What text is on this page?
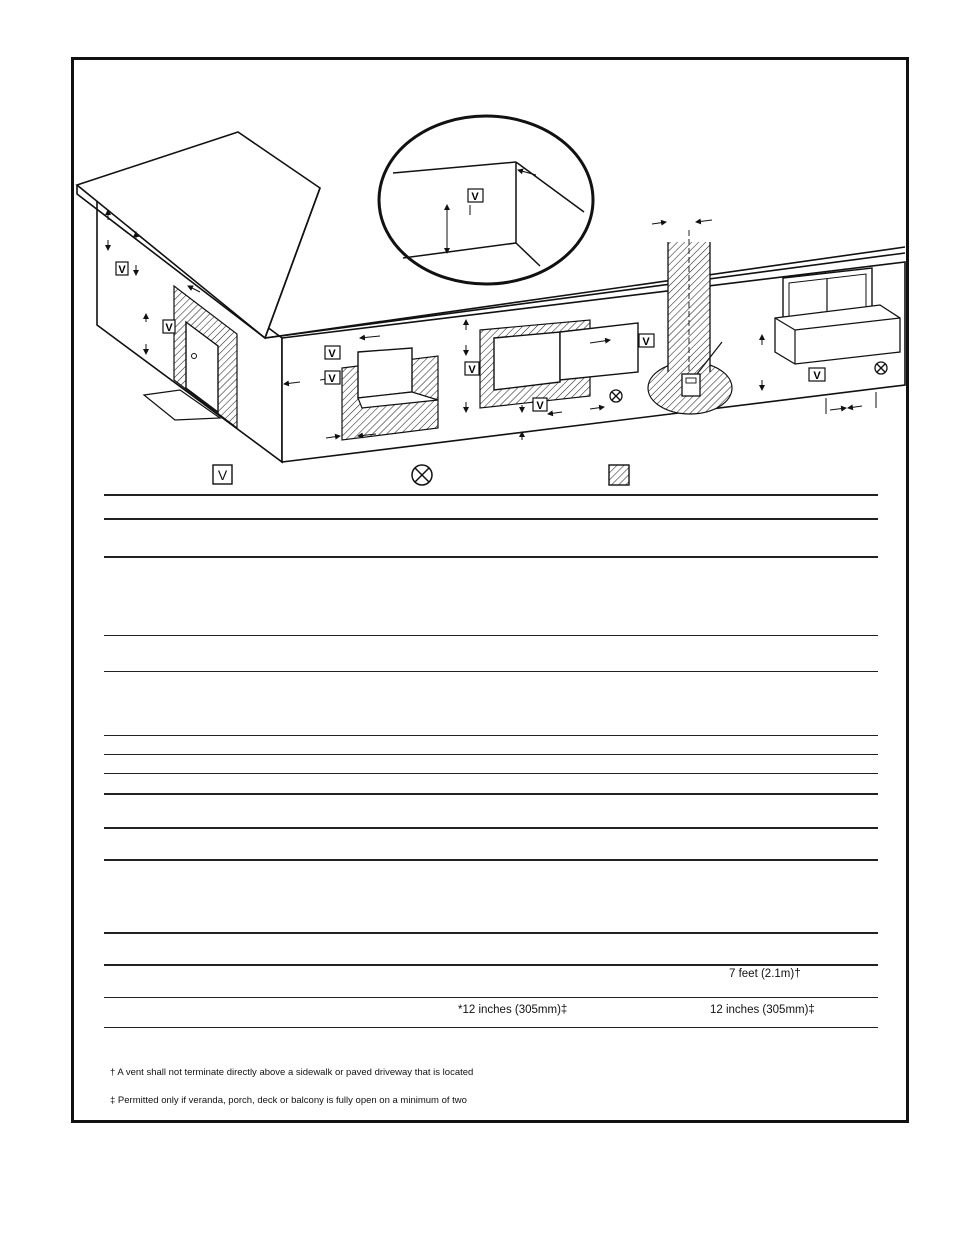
V
V
V
V
V
V
V
V
V
V
7 feet (2.1m)†
*12 inches (305mm)‡	12 inches (305mm)‡
† A vent shall not terminate directly above a sidewalk or paved driveway that is located
‡ Permitted only if veranda, porch, deck or balcony is fully open on a minimum of two
